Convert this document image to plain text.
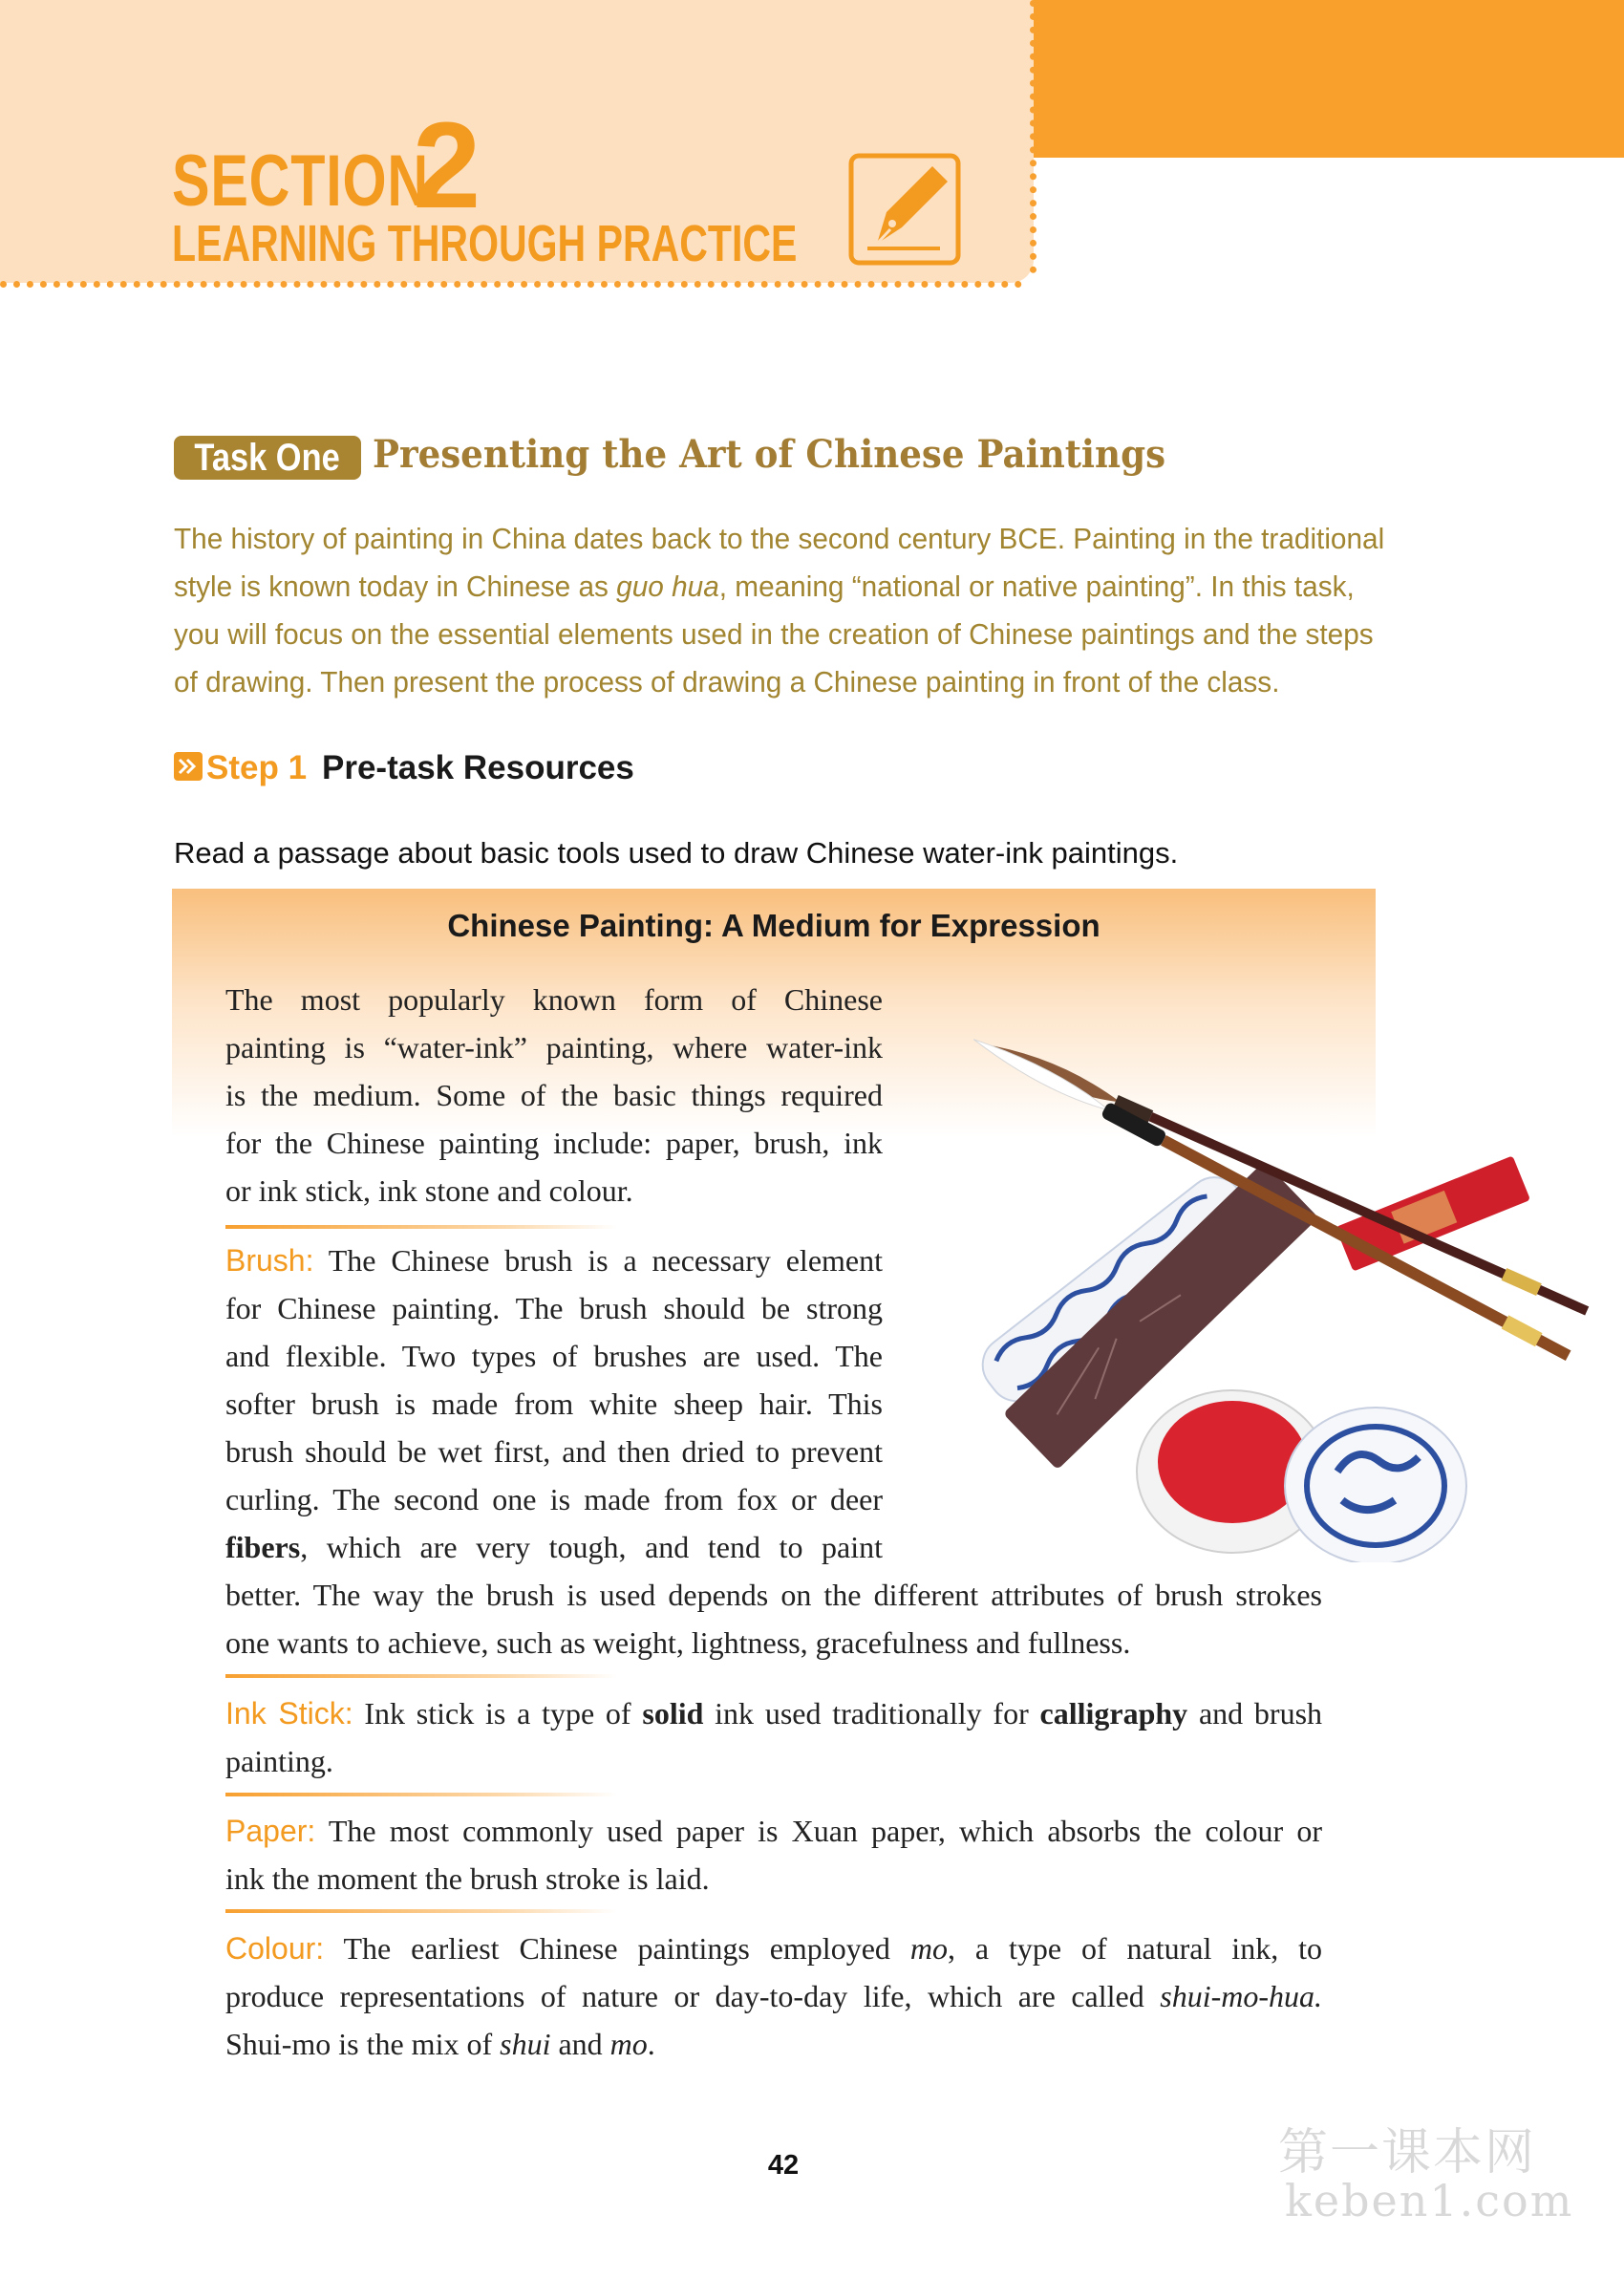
SECTION
2
LEARNING THROUGH PRACTICE
Task One Presenting the Art of Chinese Paintings
The history of painting in China dates back to the second century BCE. Painting in the traditional
style is known today in Chinese as guo hua, meaning “national or native painting”. In this task,
you will focus on the essential elements used in the creation of Chinese paintings and the steps
of drawing. Then present the process of drawing a Chinese painting in front of the class.
Step 1 Pre-task Resources
Read a passage about basic tools used to draw Chinese water-ink paintings.
Chinese Painting: A Medium for Expression
The most popularly known form of Chinese
painting is “water-ink” painting, where water-ink
is the medium. Some of the basic things required
for the Chinese painting include: paper, brush, ink
or ink stick, ink stone and colour.
Brush: The Chinese brush is a necessary element
for Chinese painting. The brush should be strong
and flexible. Two types of brushes are used. The
softer brush is made from white sheep hair. This
brush should be wet first, and then dried to prevent
curling. The second one is made from fox or deer
fibers, which are very tough, and tend to paint
better. The way the brush is used depends on the different attributes of brush strokes
one wants to achieve, such as weight, lightness, gracefulness and fullness.
Ink Stick: Ink stick is a type of solid ink used traditionally for calligraphy and brush
painting.
Paper: The most commonly used paper is Xuan paper, which absorbs the colour or
ink the moment the brush stroke is laid.
Colour: The earliest Chinese paintings employed mo, a type of natural ink, to
produce representations of nature or day-to-day life, which are called shui-mo-hua.
Shui-mo is the mix of shui and mo.
42	第一课本网
keben1.com
